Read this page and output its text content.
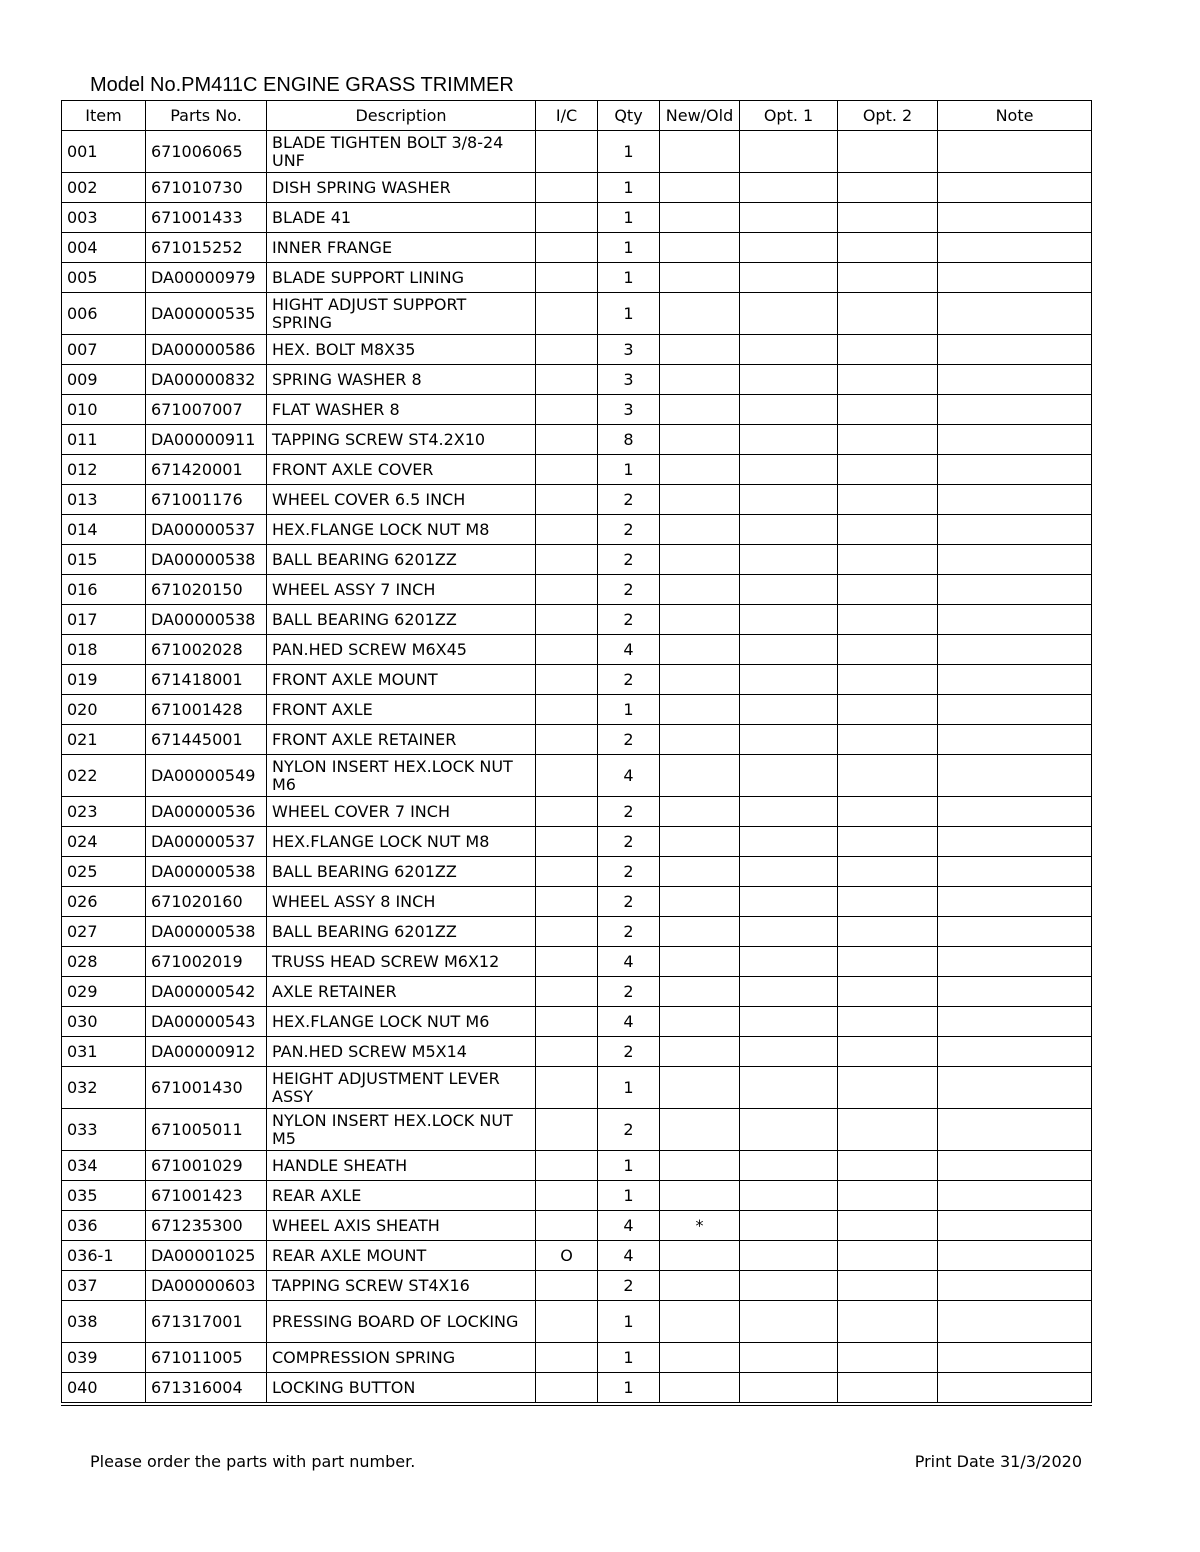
Model No.PM411C ENGINE GRASS TRIMMER
Item	Parts No.	Description	I/C	Qty	New/Old	Opt. 1	Opt. 2	Note
001	671006065	BLADE TIGHTEN BOLT 3/8-24 UNF		1				
002	671010730	DISH SPRING WASHER		1				
003	671001433	BLADE 41		1				
004	671015252	INNER FRANGE		1				
005	DA00000979	BLADE SUPPORT LINING		1				
006	DA00000535	HIGHT ADJUST SUPPORT SPRING		1				
007	DA00000586	HEX. BOLT M8X35		3				
009	DA00000832	SPRING WASHER 8		3				
010	671007007	FLAT WASHER 8		3				
011	DA00000911	TAPPING SCREW ST4.2X10		8				
012	671420001	FRONT AXLE COVER		1				
013	671001176	WHEEL COVER 6.5 INCH		2				
014	DA00000537	HEX.FLANGE LOCK NUT M8		2				
015	DA00000538	BALL BEARING 6201ZZ		2				
016	671020150	WHEEL ASSY 7 INCH		2				
017	DA00000538	BALL BEARING 6201ZZ		2				
018	671002028	PAN.HED SCREW M6X45		4				
019	671418001	FRONT AXLE MOUNT		2				
020	671001428	FRONT AXLE		1				
021	671445001	FRONT AXLE RETAINER		2				
022	DA00000549	NYLON INSERT HEX.LOCK NUT M6		4				
023	DA00000536	WHEEL COVER 7 INCH		2				
024	DA00000537	HEX.FLANGE LOCK NUT M8		2				
025	DA00000538	BALL BEARING 6201ZZ		2				
026	671020160	WHEEL ASSY 8 INCH		2				
027	DA00000538	BALL BEARING 6201ZZ		2				
028	671002019	TRUSS HEAD SCREW M6X12		4				
029	DA00000542	AXLE RETAINER		2				
030	DA00000543	HEX.FLANGE LOCK NUT M6		4				
031	DA00000912	PAN.HED SCREW M5X14		2				
032	671001430	HEIGHT ADJUSTMENT LEVER ASSY		1				
033	671005011	NYLON INSERT HEX.LOCK NUT M5		2				
034	671001029	HANDLE SHEATH		1				
035	671001423	REAR AXLE		1				
036	671235300	WHEEL AXIS SHEATH		4	*			
036-1	DA00001025	REAR AXLE MOUNT	O	4				
037	DA00000603	TAPPING SCREW ST4X16		2				
038	671317001	PRESSING BOARD OF LOCKING		1				
039	671011005	COMPRESSION SPRING		1				
040	671316004	LOCKING BUTTON		1				
Please order the parts with part number.	Print Date 31/3/2020
